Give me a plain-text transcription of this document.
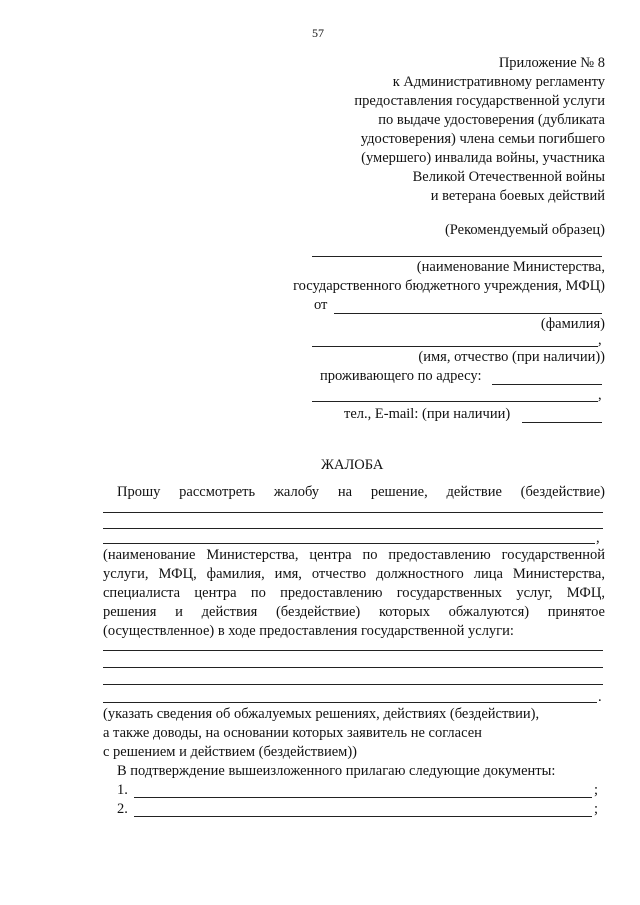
57
Приложение № 8
к Административному регламенту
предоставления государственной услуги
по выдаче удостоверения (дубликата
удостоверения) члена семьи погибшего
(умершего) инвалида войны, участника
Великой Отечественной войны
и ветерана боевых действий
(Рекомендуемый образец)
(наименование Министерства,
государственного бюджетного учреждения, МФЦ)
от
(фамилия)
,
(имя, отчество (при наличии))
проживающего по адресу:
,
тел., E-mail: (при наличии)
ЖАЛОБА
Прошу рассмотреть жалобу на решение, действие (бездействие)
,
(наименование Министерства, центра по предоставлению государственной
услуги, МФЦ, фамилия, имя, отчество должностного лица Министерства,
специалиста центра по предоставлению государственных услуг, МФЦ,
решения и действия (бездействие) которых обжалуются) принятое
(осуществленное) в ходе предоставления государственной услуги:
.
(указать сведения об обжалуемых решениях, действиях (бездействии),
а также доводы, на основании которых заявитель не согласен
с решением и действием (бездействием))
В подтверждение вышеизложенного прилагаю следующие документы:
1.	;
2.	;
